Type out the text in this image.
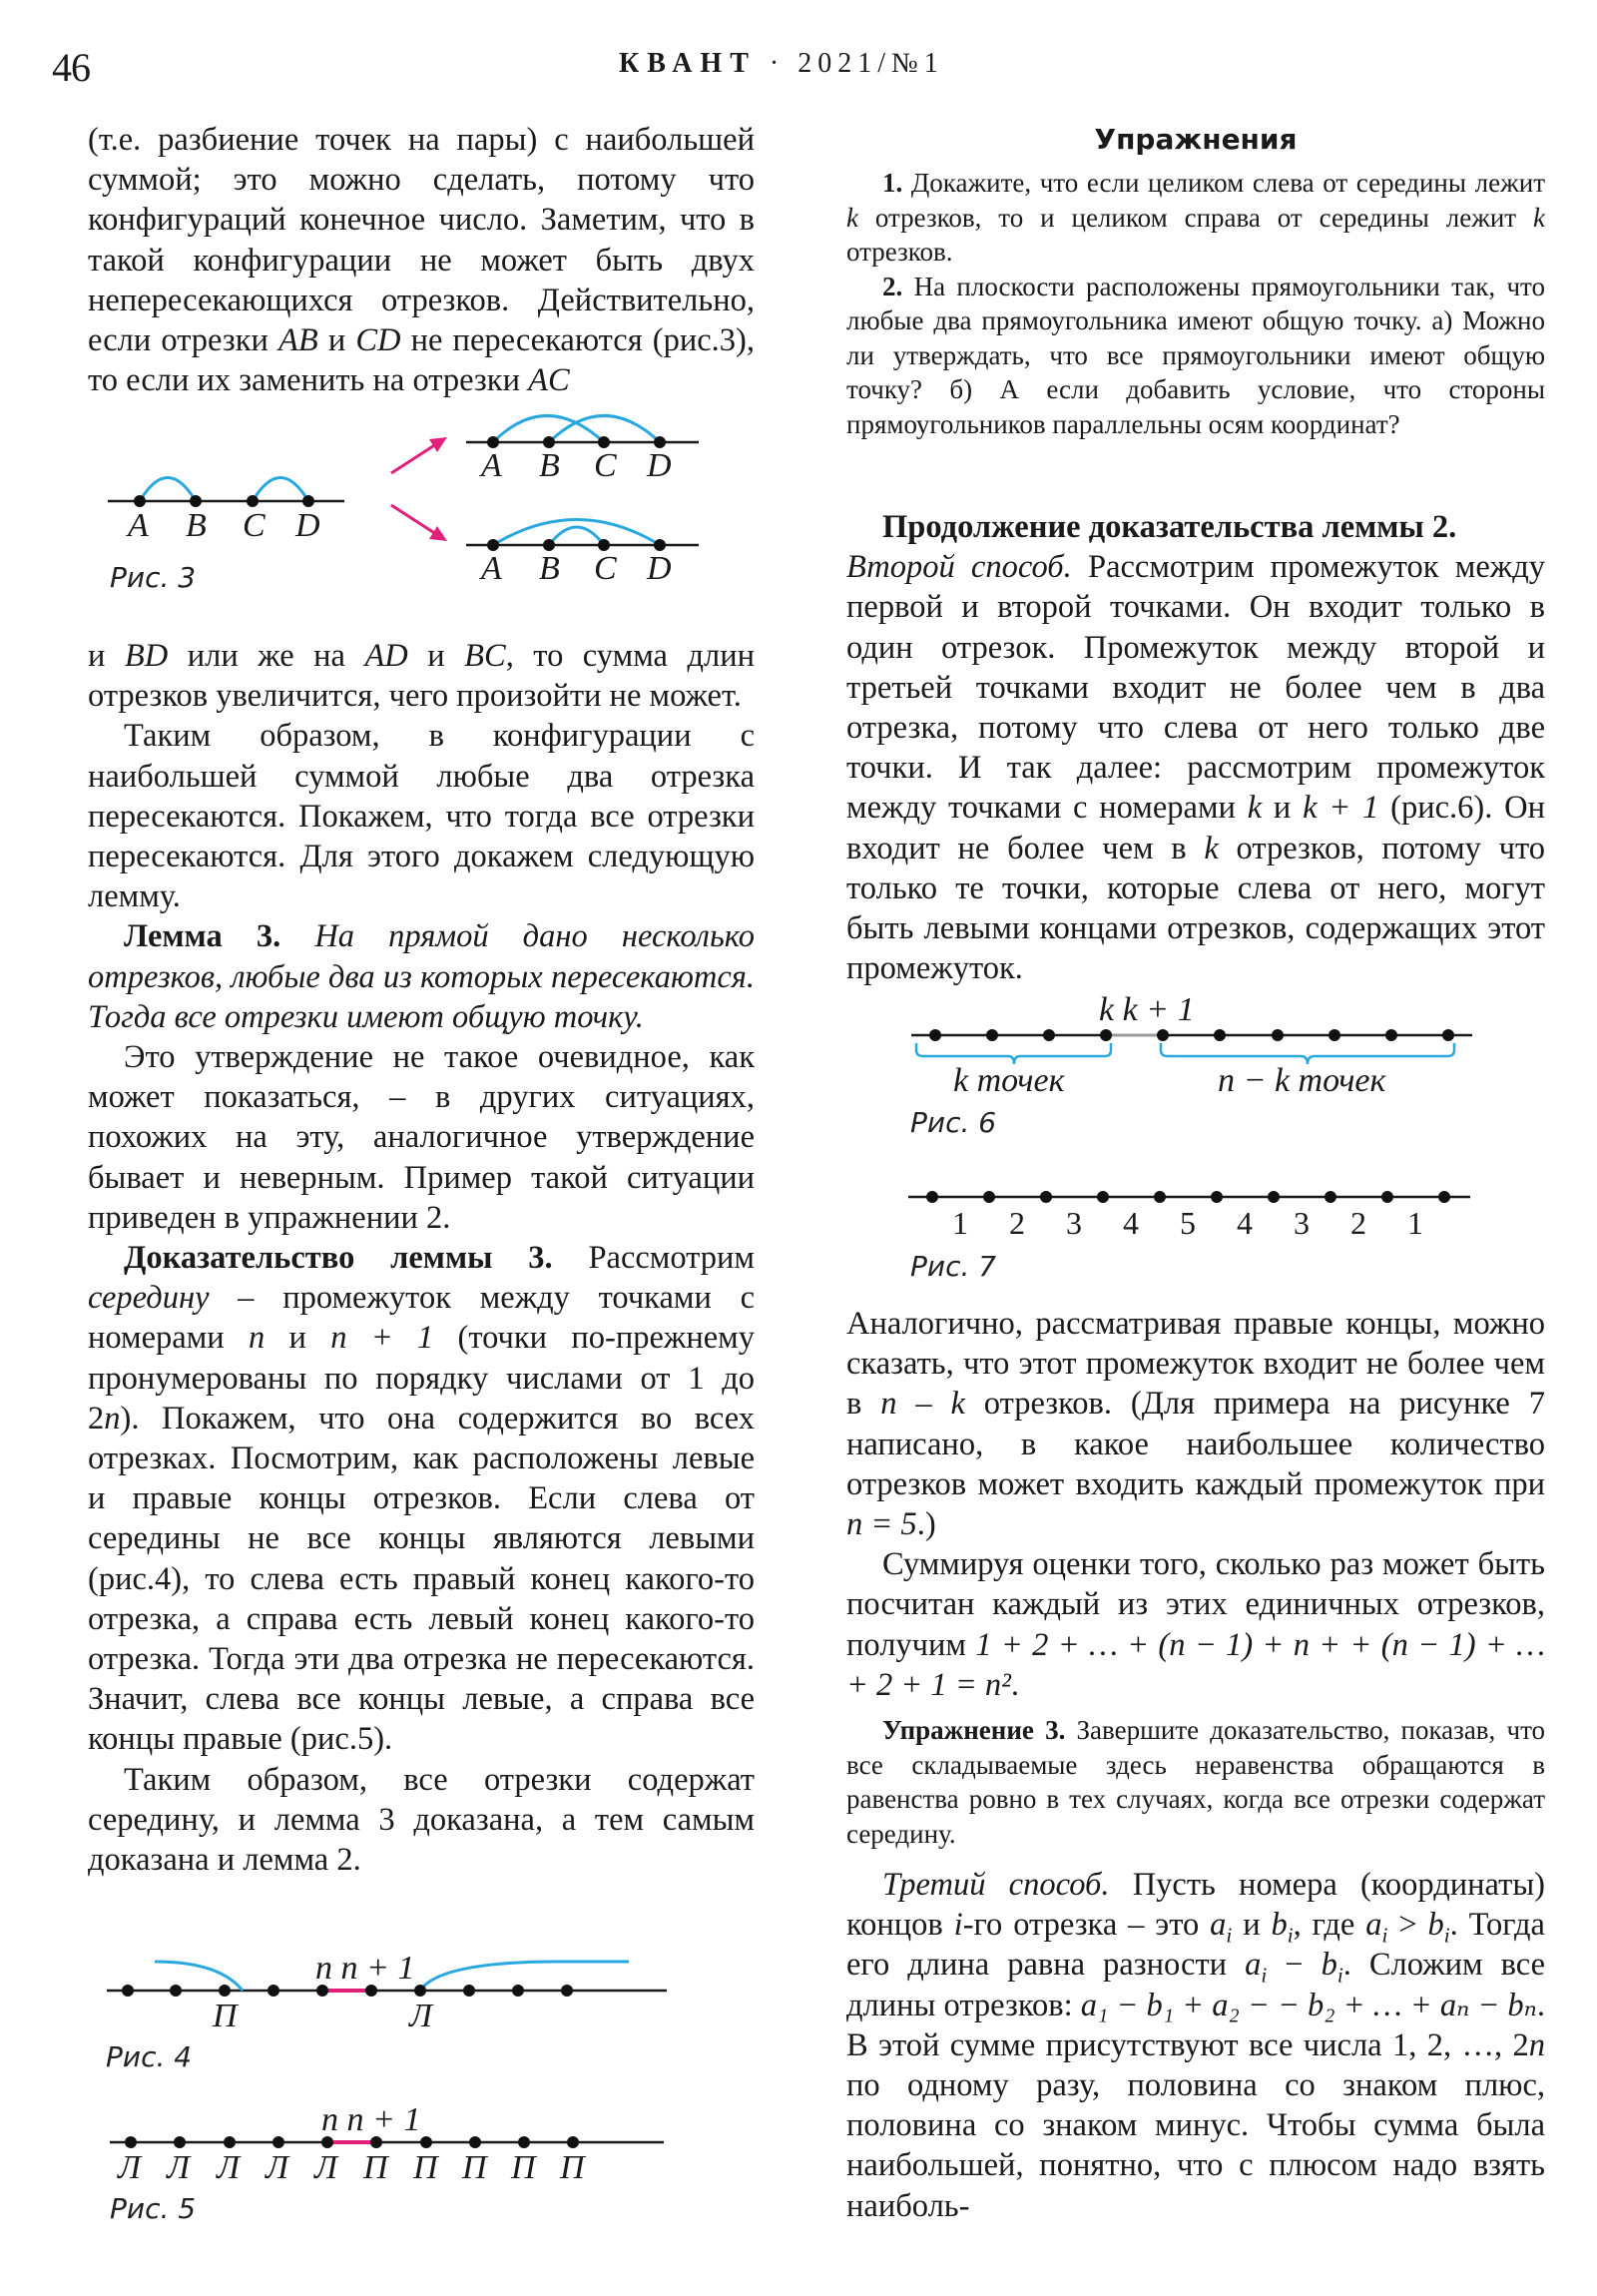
46	КВАНТ · 2021/№1

(т.е. разбиение точек на пары) с наибольшей суммой; это можно сделать, потому что конфигураций конечное число. Заметим, что в такой конфигурации не может быть двух непересекающихся отрезков. Действительно, если отрезки AB и CD не пересекаются (рис.3), то если их заменить на отрезки AC

A B C D
A B C D
A B C D
Рис. 3

и BD или же на AD и BC, то сумма длин отрезков увеличится, чего произойти не может.

Таким образом, в конфигурации с наибольшей суммой любые два отрезка пересекаются. Покажем, что тогда все отрезки пересекаются. Для этого докажем следующую лемму.

Лемма 3. На прямой дано несколько отрезков, любые два из которых пересекаются. Тогда все отрезки имеют общую точку.

Это утверждение не такое очевидное, как может показаться, – в других ситуациях, похожих на эту, аналогичное утверждение бывает и неверным. Пример такой ситуации приведен в упражнении 2.

Доказательство леммы 3. Рассмотрим середину – промежуток между точками с номерами n и n + 1 (точки по-прежнему пронумерованы по порядку числами от 1 до 2n). Покажем, что она содержится во всех отрезках. Посмотрим, как расположены левые и правые концы отрезков. Если слева от середины не все концы являются левыми (рис.4), то слева есть правый конец какого-то отрезка, а справа есть левый конец какого-то отрезка. Тогда эти два отрезка не пересекаются. Значит, слева все концы левые, а справа все концы правые (рис.5).

Таким образом, все отрезки содержат середину, и лемма 3 доказана, а тем самым доказана и лемма 2.

n n + 1
П	Л
Рис. 4
n n + 1
Л Л Л Л Л П П П П П
Рис. 5
Упражнения

1. Докажите, что если целиком слева от середины лежит k отрезков, то и целиком справа от середины лежит k отрезков.

2. На плоскости расположены прямоугольники так, что любые два прямоугольника имеют общую точку. а) Можно ли утверждать, что все прямоугольники имеют общую точку? б) А если добавить условие, что стороны прямоугольников параллельны осям координат?

Продолжение доказательства леммы 2.
Второй способ. Рассмотрим промежуток между первой и второй точками. Он входит только в один отрезок. Промежуток между второй и третьей точками входит не более чем в два отрезка, потому что слева от него только две точки. И так далее: рассмотрим промежуток между точками с номерами k и k + 1 (рис.6). Он входит не более чем в k отрезков, потому что только те точки, которые слева от него, могут быть левыми концами отрезков, содержащих этот промежуток.

k k + 1
k точек	n − k точек
Рис. 6
1 2 3 4 5 4 3 2 1
Рис. 7

Аналогично, рассматривая правые концы, можно сказать, что этот промежуток входит не более чем в n – k отрезков. (Для примера на рисунке 7 написано, в какое наибольшее количество отрезков может входить каждый промежуток при n = 5.)

Суммируя оценки того, сколько раз может быть посчитан каждый из этих единичных отрезков, получим 1 + 2 + … + (n − 1) + n + + (n − 1) + … + 2 + 1 = n².

Упражнение 3. Завершите доказательство, показав, что все складываемые здесь неравенства обращаются в равенства ровно в тех случаях, когда все отрезки содержат середину.

Третий способ. Пусть номера (координаты) концов i-го отрезка – это $a_i$ и $b_i$, где $a_i > b_i$. Тогда его длина равна разности $a_i - b_i$. Сложим все длины отрезков: a₁ − b₁ + a₂ − − b₂ + … + aₙ − bₙ. В этой сумме присутствуют все числа 1, 2, …, 2n по одному разу, половина со знаком плюс, половина со знаком минус. Чтобы сумма была наибольшей, понятно, что с плюсом надо взять наиболь-
